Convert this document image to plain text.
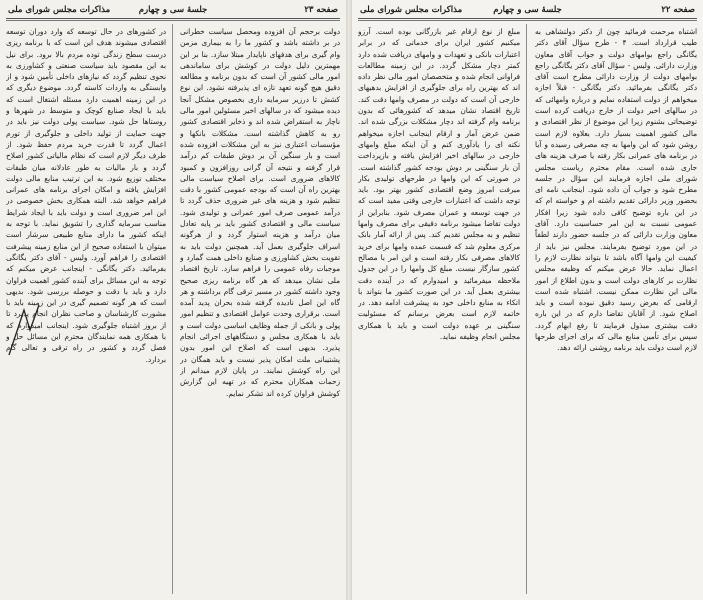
صفحه ۲۳
جلسهٔ سی و چهارم
مذاکرات مجلس شورای ملی

دولت برحجم آن افزوده ومحصل سیاست خطرانی در بر داشته باشد و کشور ما را به بیماری مزمن وام گیری برای هدفهای ناپایدار مبتلا سازد. بنا بر این مهمترین دلیل دولت در کوشش برای ساماندهی امور مالی کشور آن است که بدون برنامه و مطالعه دقیق هیچ گونه تعهد تازه ای پذیرفته نشود. این نوع کشش تا درزیر سرمایه داری بخصوص مشکل آنجا دیده میشود که در سالهای اخیر مسئولین امور مالی ناچار به استقراض شده اند و ذخایر اقتصادی کشور رو به کاهش گذاشته است. مشکلات بانکها و مؤسسات اعتباری نیز به این مشکلات افزوده شده است و بار سنگین آن بر دوش طبقات کم درآمد قرار گرفته و نتیجه آن گرانی روزافزون و کمبود کالاهای ضروری است. برای اصلاح سیاست مالی بهترین راه آن است که بودجه عمومی کشور با دقت تنظیم شود و هزینه های غیر ضروری حذف گردد تا درآمد عمومی صرف امور عمرانی و تولیدی شود. سیاست مالی و اقتصادی کشور باید بر پایه تعادل میان درآمد و هزینه استوار گردد و از هرگونه اسراف جلوگیری بعمل آید. همچنین دولت باید به تقویت بخش کشاورزی و صنایع داخلی همت گمارد و موجبات رفاه عمومی را فراهم سازد. تاریخ اقتصاد ملی نشان میدهد که هر گاه برنامه ریزی صحیح وجود داشته کشور در مسیر ترقی گام برداشته و هر گاه این اصل نادیده گرفته شده بحران پدید آمده است. برقراری وحدت عوامل اقتصادی و تنظیم امور پولی و بانکی از جمله وظایف اساسی دولت است و باید با همکاری مجلس و دستگاههای اجرائی انجام پذیرد. بدیهی است که اصلاح این امور بدون پشتیبانی ملت امکان پذیر نیست و باید همگان در این راه کوشش نمایند. در پایان لازم میدانم از زحمات همکاران محترم که در تهیه این گزارش کوشش فراوان کرده اند تشکر نمایم.

در کشورهای در حال توسعه که وارد دوران توسعه اقتصادی میشوند هدف این است که با برنامه ریزی درست سطح زندگی توده مردم بالا برود. برای نیل به این مقصود باید سیاست صنعتی و کشاورزی به نحوی تنظیم گردد که نیازهای داخلی تأمین شود و از وابستگی به واردات کاسته گردد. موضوع دیگری که در این زمینه اهمیت دارد مسئله اشتغال است که باید با ایجاد صنایع کوچک و متوسط در شهرها و روستاها حل شود. سیاست پولی دولت نیز باید در جهت حمایت از تولید داخلی و جلوگیری از تورم اعمال گردد تا قدرت خرید مردم حفظ شود. از طرف دیگر لازم است که نظام مالیاتی کشور اصلاح گردد و بار مالیات به طور عادلانه میان طبقات مختلف توزیع شود. به این ترتیب منابع مالی دولت افزایش یافته و امکان اجرای برنامه های عمرانی فراهم خواهد شد. البته همکاری بخش خصوصی در این امر ضروری است و دولت باید با ایجاد شرایط مناسب سرمایه گذاری را تشویق نماید. با توجه به اینکه کشور ما دارای منابع طبیعی سرشار است میتوان با استفاده صحیح از این منابع زمینه پیشرفت اقتصادی را فراهم آورد. ولیس - آقای دکتر یگانگی بفرمائید. دکتر یگانگی - اینجانب عرض میکنم که توجه به این مسائل برای آینده کشور اهمیت فراوان دارد و باید با دقت و حوصله بررسی شود. بدیهی است که هر گونه تصمیم گیری در این زمینه باید با مشورت کارشناسان و صاحب نظران انجام پذیرد تا از بروز اشتباه جلوگیری شود. اینجانب امیدوارم که با همکاری همه نمایندگان محترم این مسائل حل و فصل گردد و کشور در راه ترقی و تعالی گام بردارد.

مذاکرات مجلس شورای ملی	جلسهٔ سی و چهارم	صفحه ۲۲

اشتباه مرحمت فرمائید چون از دکتر دولتشاهی به طیب قرارداد است. ۴ - طرح سؤال آقای دکتر یگانگی راجع بوامهای دولت و جواب آقای معاون وزارت دارائی. ولیس - سؤال آقای دکتر یگانگی راجع بوامهای دولت از وزارت دارائی مطرح است آقای دکتر یگانگی بفرمائید. دکتر یگانگی - قبلاً اجازه میخواهم از دولت استفاده نمایم و درباره وامهائی که در سالهای اخیر دولت از خارج دریافت کرده است توضیحاتی بشنوم زیرا این موضوع از نظر اقتصادی و مالی کشور اهمیت بسیار دارد. بعلاوه لازم است روشن شود که این وامها به چه مصرفی رسیده و آیا در برنامه های عمرانی بکار رفته یا صرف هزینه های جاری شده است. مقام محترم ریاست مجلس شورای ملی اجازه فرمایند این سؤال در جلسه مطرح شود و جواب آن داده شود. اینجانب نامه ای بحضور وزیر دارائی تقدیم داشته ام و خواسته ام که در این باره توضیح کافی داده شود زیرا افکار عمومی نسبت به این امر حساسیت دارد. آقای معاون وزارت دارائی که در جلسه حضور دارند لطفاً در این مورد توضیح بفرمایند. مجلس نیز باید از کیفیت این وامها آگاه باشد تا بتواند نظارت لازم را اعمال نماید. حالا عرض میکنم که وظیفه مجلس نظارت بر کارهای دولت است و بدون اطلاع از امور مالی این نظارت ممکن نیست. اشتباه شده است ارقامی که بعرض رسید دقیق نبوده است و باید اصلاح شود. از آقایان تقاضا دارم که در این باره دقت بیشتری مبذول فرمایند تا رفع ابهام گردد. سپس برای تأمین منابع مالی که برای اجرای طرحها لازم است دولت باید برنامه روشنی ارائه دهد.

مبلغ از نوع ارقام غیر بازرگانی بوده است. آرزو میکنیم کشور ایران برای خدماتی که در برابر اعتبارات بانکی و تعهدات و وامهای دریافت شده دارد کمتر دچار مشکل گردد. در این زمینه مطالعات فراوانی انجام شده و متخصصان امور مالی نظر داده اند که بهترین راه برای جلوگیری از افزایش بدهیهای خارجی آن است که دولت در مصرف وامها دقت کند. تاریخ اقتصاد نشان میدهد که کشورهائی که بدون برنامه وام گرفته اند دچار مشکلات بزرگی شده اند. ضمن عرض آمار و ارقام اینجانب اجازه میخواهم نکته ای را یادآوری کنم و آن اینکه مبلغ وامهای خارجی در سالهای اخیر افزایش یافته و بازپرداخت آن بار سنگینی بر دوش بودجه کشور گذاشته است. در صورتی که این وامها در طرحهای تولیدی بکار میرفت امروز وضع اقتصادی کشور بهتر بود. باید توجه داشت که اعتبارات خارجی وقتی مفید است که در جهت توسعه و عمران مصرف شود. بنابراین از دولت تقاضا میشود برنامه دقیقی برای مصرف وامها تنظیم و به مجلس تقدیم کند. پس از ارائه آمار بانک مرکزی معلوم شد که قسمت عمده وامها برای خرید کالاهای مصرفی بکار رفته است و این امر با مصالح کشور سازگار نیست. مبلغ کل وامها را در این جدول ملاحظه میفرمائید و امیدوارم که در آینده دقت بیشتری بعمل آید. در این صورت کشور ما بتواند با اتکاء به منابع داخلی خود به پیشرفت ادامه دهد. در خاتمه لازم است بعرض برسانم که مسئولیت سنگینی بر عهده دولت است و باید با همکاری مجلس انجام وظیفه نماید.
